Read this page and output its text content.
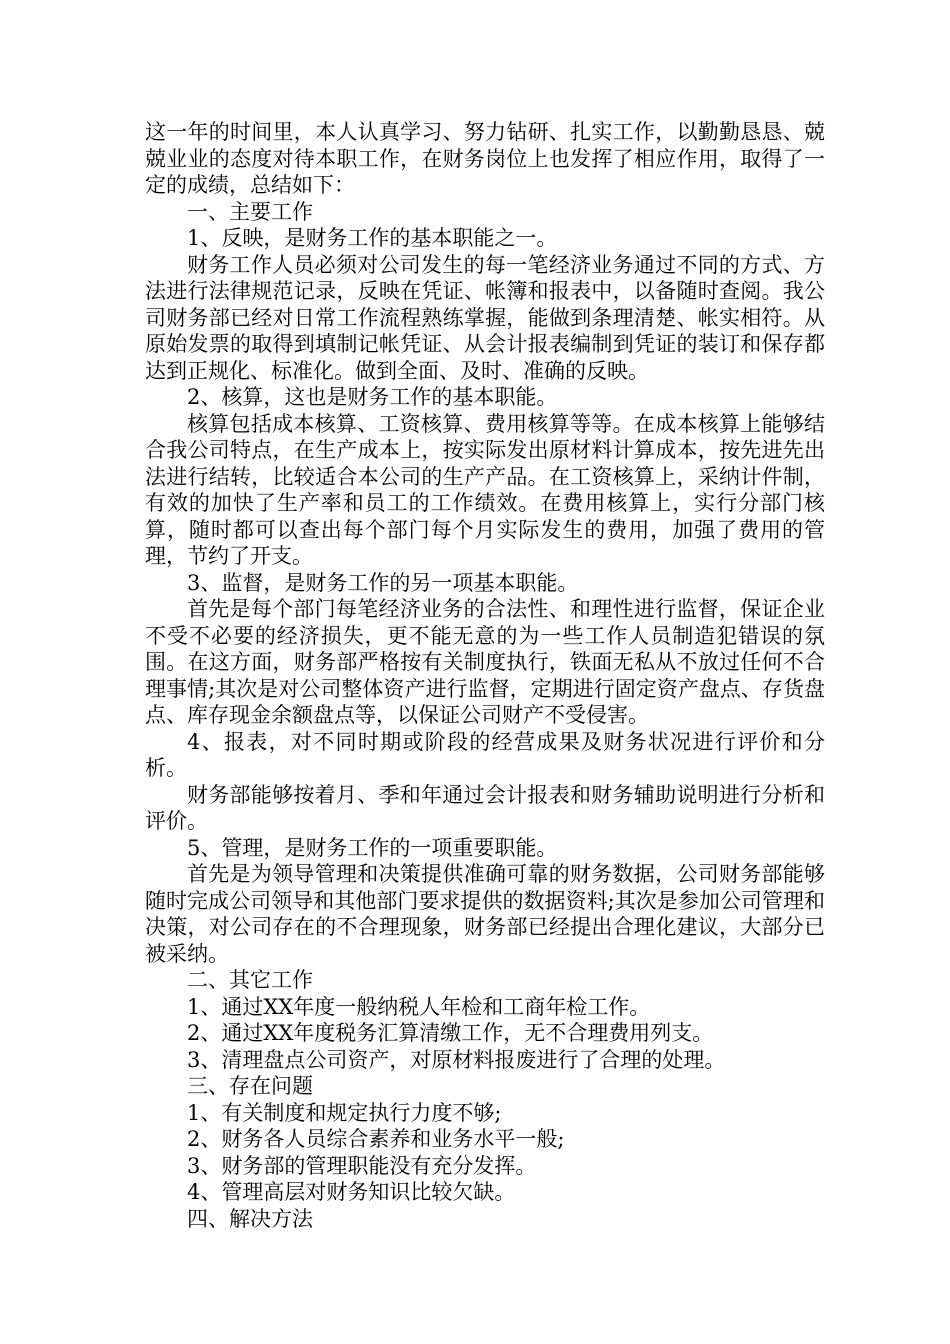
这一年的时间里，本人认真学习、努力钻研、扎实工作，以勤勤恳恳、兢兢业业的态度对待本职工作，在财务岗位上也发挥了相应作用，取得了一定的成绩，总结如下：

一、主要工作

1、反映，是财务工作的基本职能之一。

财务工作人员必须对公司发生的每一笔经济业务通过不同的方式、方法进行法律规范记录，反映在凭证、帐簿和报表中，以备随时查阅。我公司财务部已经对日常工作流程熟练掌握，能做到条理清楚、帐实相符。从原始发票的取得到填制记帐凭证、从会计报表编制到凭证的装订和保存都达到正规化、标准化。做到全面、及时、准确的反映。

2、核算，这也是财务工作的基本职能。

核算包括成本核算、工资核算、费用核算等等。在成本核算上能够结合我公司特点，在生产成本上，按实际发出原材料计算成本，按先进先出法进行结转，比较适合本公司的生产产品。在工资核算上，采纳计件制，有效的加快了生产率和员工的工作绩效。在费用核算上，实行分部门核算，随时都可以查出每个部门每个月实际发生的费用，加强了费用的管理，节约了开支。

3、监督，是财务工作的另一项基本职能。

首先是每个部门每笔经济业务的合法性、和理性进行监督，保证企业不受不必要的经济损失，更不能无意的为一些工作人员制造犯错误的氛围。在这方面，财务部严格按有关制度执行，铁面无私从不放过任何不合理事情;其次是对公司整体资产进行监督，定期进行固定资产盘点、存货盘点、库存现金余额盘点等，以保证公司财产不受侵害。

4、报表，对不同时期或阶段的经营成果及财务状况进行评价和分析。

财务部能够按着月、季和年通过会计报表和财务辅助说明进行分析和评价。

5、管理，是财务工作的一项重要职能。

首先是为领导管理和决策提供准确可靠的财务数据，公司财务部能够随时完成公司领导和其他部门要求提供的数据资料;其次是参加公司管理和决策，对公司存在的不合理现象，财务部已经提出合理化建议，大部分已被采纳。

二、其它工作

1、通过XX年度一般纳税人年检和工商年检工作。

2、通过XX年度税务汇算清缴工作，无不合理费用列支。

3、清理盘点公司资产，对原材料报废进行了合理的处理。

三、存在问题

1、有关制度和规定执行力度不够;

2、财务各人员综合素养和业务水平一般;

3、财务部的管理职能没有充分发挥。

4、管理高层对财务知识比较欠缺。

四、解决方法
